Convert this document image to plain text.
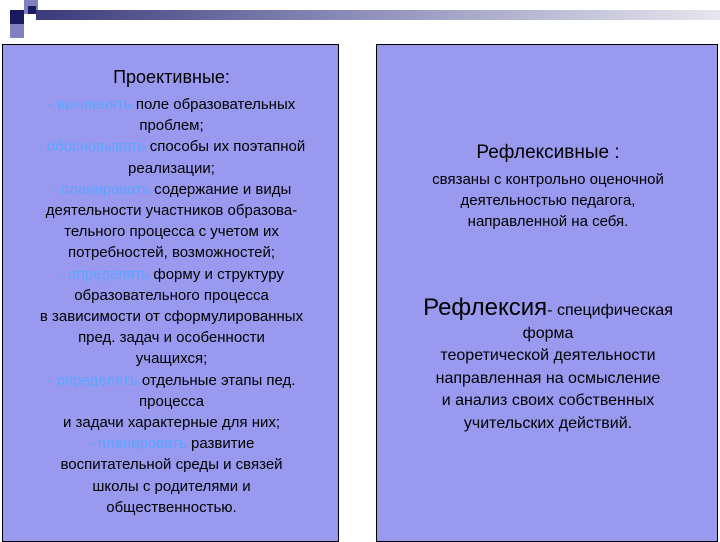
Проективные:
- вычленять поле образовательных
проблем;
- обосновывать способы их поэтапной
реализации;
- планировать содержание и виды
деятельности участников образова-
тельного процесса с учетом их
потребностей, возможностей;
- определять форму и структуру
образовательного процесса
в зависимости от сформулированных
пред. задач и особенности
учащихся;
- определять отдельные этапы пед.
процесса
и задачи характерные для них;
- планировать развитие
воспитательной среды и связей
школы с родителями и
общественностью.
Рефлексивные :
связаны с контрольно оценочной
деятельностью педагога,
направленной на себя.
Рефлексия- специфическая
форма
теоретической деятельности
направленная на осмысление
и анализ своих собственных
учительских действий.
